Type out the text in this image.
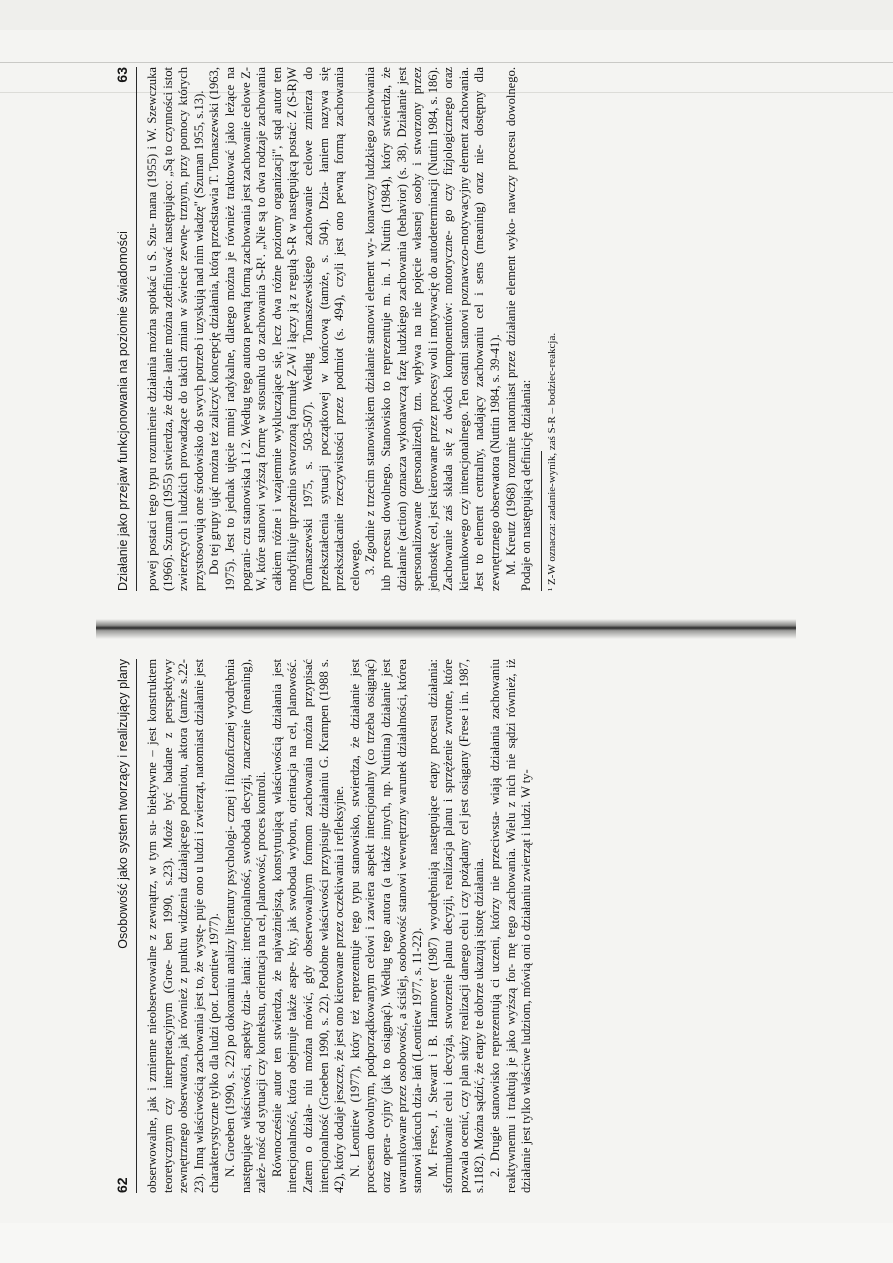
62
Osobowość jako system tworzący i realizujący plany obserwowalne, jak i zmienne nieobserwowalne z zewnątrz, w tym su- biektywne – jest konstruktem teoretycznym czy interpretacyjnym (Groe- ben 1990, s.23). Może być badane z perspektywy zewnętrznego obserwatora, jak również z punktu widzenia działającego podmiotu, aktora (tamże s.22-23). Inną właściwością zachowania jest to, że wystę- puje ono u ludzi i zwierząt, natomiast działanie jest charakterystyczne tylko dla ludzi (por. Leontiew 1977). N. Groeben (1990, s. 22) po dokonaniu analizy literatury psychologi- cznej i filozoficznej wyodrębnia następujące właściwości, aspekty dzia- łania: intencjonalność, swoboda decyzji, znaczenie (meaning), zależ- ność od sytuacji czy kontekstu, orientacja na cel, planowość, proces kontroli. Równocześnie autor ten stwierdza, że najważniejszą, konstytuującą właściwością działania jest intencjonalność, która obejmuje także aspe- kty, jak swoboda wyboru, orientacja na cel, planowość. Zatem o działa- niu można mówić, gdy obserwowalnym formom zachowania można przypisać intencjonalność (Groeben 1990, s. 22). Podobne właściwości przypisuje działaniu G. Krampen (1988 s. 42), który dodaje jeszcze, że jest ono kierowane przez oczekiwania i refleksyjne. N. Leontiew (1977), który też reprezentuje tego typu stanowisko, stwierdza, że działanie jest procesem dowolnym, podporządkowanym celowi i zawiera aspekt intencjonalny (co trzeba osiągnąć) oraz opera- cyjny (jak to osiągnąć). Według tego autora (a także innych, np. Nuttina) działanie jest uwarunkowane przez osobowość, a ściślej, osobowość stanowi wewnętrzny warunek działalności, którea stanowi łańcuch dzia- łań (Leontiew 1977, s. 11-22). M. Frese, J. Stewart i B. Hannover (1987) wyodrębniają następujące etapy procesu działania: sformułowanie celu i decyzja, stworzenie planu decyzji, realizacja planu i sprzężenie zwrotne, które pozwala ocenić, czy plan służy realizacji danego celu i czy pożądany cel jest osiągany (Frese i in. 1987, s.1182). Można sądzić, że etapy te dobrze ukazują istotę działania. 2. Drugie stanowisko reprezentują ci uczeni, którzy nie przeciwsta- wiają działania zachowaniu reaktywnemu i traktują je jako wyższą for- mę tego zachowania. Wielu z nich nie sądzi również, iż działanie jest tylko właściwe ludziom, mówią oni o działaniu zwierząt i ludzi. W ty-

Działanie jako przejaw funkcjonowania na poziomie świadomości
63 powej postaci tego typu rozumienie działania można spotkać u S. Szu- mana (1955) i W. Szewczuka (1966). Szuman (1955) stwierdza, że dzia- łanie można zdefiniować następująco: „Są to czynności istot zwierzęcych i ludzkich prowadzące do takich zmian w świecie zewnę- trznym, przy pomocy których przystosowują one środowisko do swych potrzeb i uzyskują nad nim władzę" (Szuman 1955, s.13). Do tej grupy ująć można też zaliczyć koncepcję działania, którą przedstawia T. Tomaszewski (1963, 1975). Jest to jednak ujęcie mniej radykalne, dlatego można je również traktować jako leżące na pograni- czu stanowiska 1 i 2. Według tego autora pewną formą zachowania jest zachowanie celowe Z-W, które stanowi wyższą formę w stosunku do zachowania S-R¹. „Nie są to dwa rodzaje zachowania całkiem różne i wzajemnie wykluczające się, lecz dwa różne poziomy organizacji", stąd autor ten modyfikuje uprzednio stworzoną formułę Z-W i łączy ją z regułą S-R w następującą postać: Z (S-R)W (Tomaszewski 1975, s. 503-507). Według Tomaszewskiego zachowanie celowe zmierza do przekształcenia sytuacji początkowej w końcową (tamże, s. 504). Dzia- łaniem nazywa się przekształcanie rzeczywistości przez podmiot (s. 494), czyli jest ono pewną formą zachowania celowego. 3. Zgodnie z trzecim stanowiskiem działanie stanowi element wy- konawczy ludzkiego zachowania lub procesu dowolnego. Stanowisko to reprezentuje m. in. J. Nuttin (1984), który stwierdza, że działanie (action) oznacza wykonawczą fazę ludzkiego zachowania (behavior) (s. 38). Działanie jest spersonalizowane (personalized), tzn. wpływa na nie pojęcie własnej osoby i stworzony przez jednostkę cel, jest kierowane przez procesy woli i motywację do autodeterminacji (Nuttin 1984, s. 186). Zachowanie zaś składa się z dwóch komponentów: motoryczne- go czy fizjologicznego oraz kierunkowego czy intencjonalnego. Ten ostatni stanowi poznawczo-motywacyjny element zachowania. Jest to element centralny, nadający zachowaniu cel i sens (meaning) oraz nie- dostępny dla zewnętrznego obserwatora (Nuttin 1984, s. 39-41). M. Kreutz (1968) rozumie natomiast przez działanie element wyko- nawczy procesu dowolnego. Podaje on następującą definicję działania: ¹ Z-W oznacza: zadanie-wynik, zaś S-R – bodziec-reakcja.
